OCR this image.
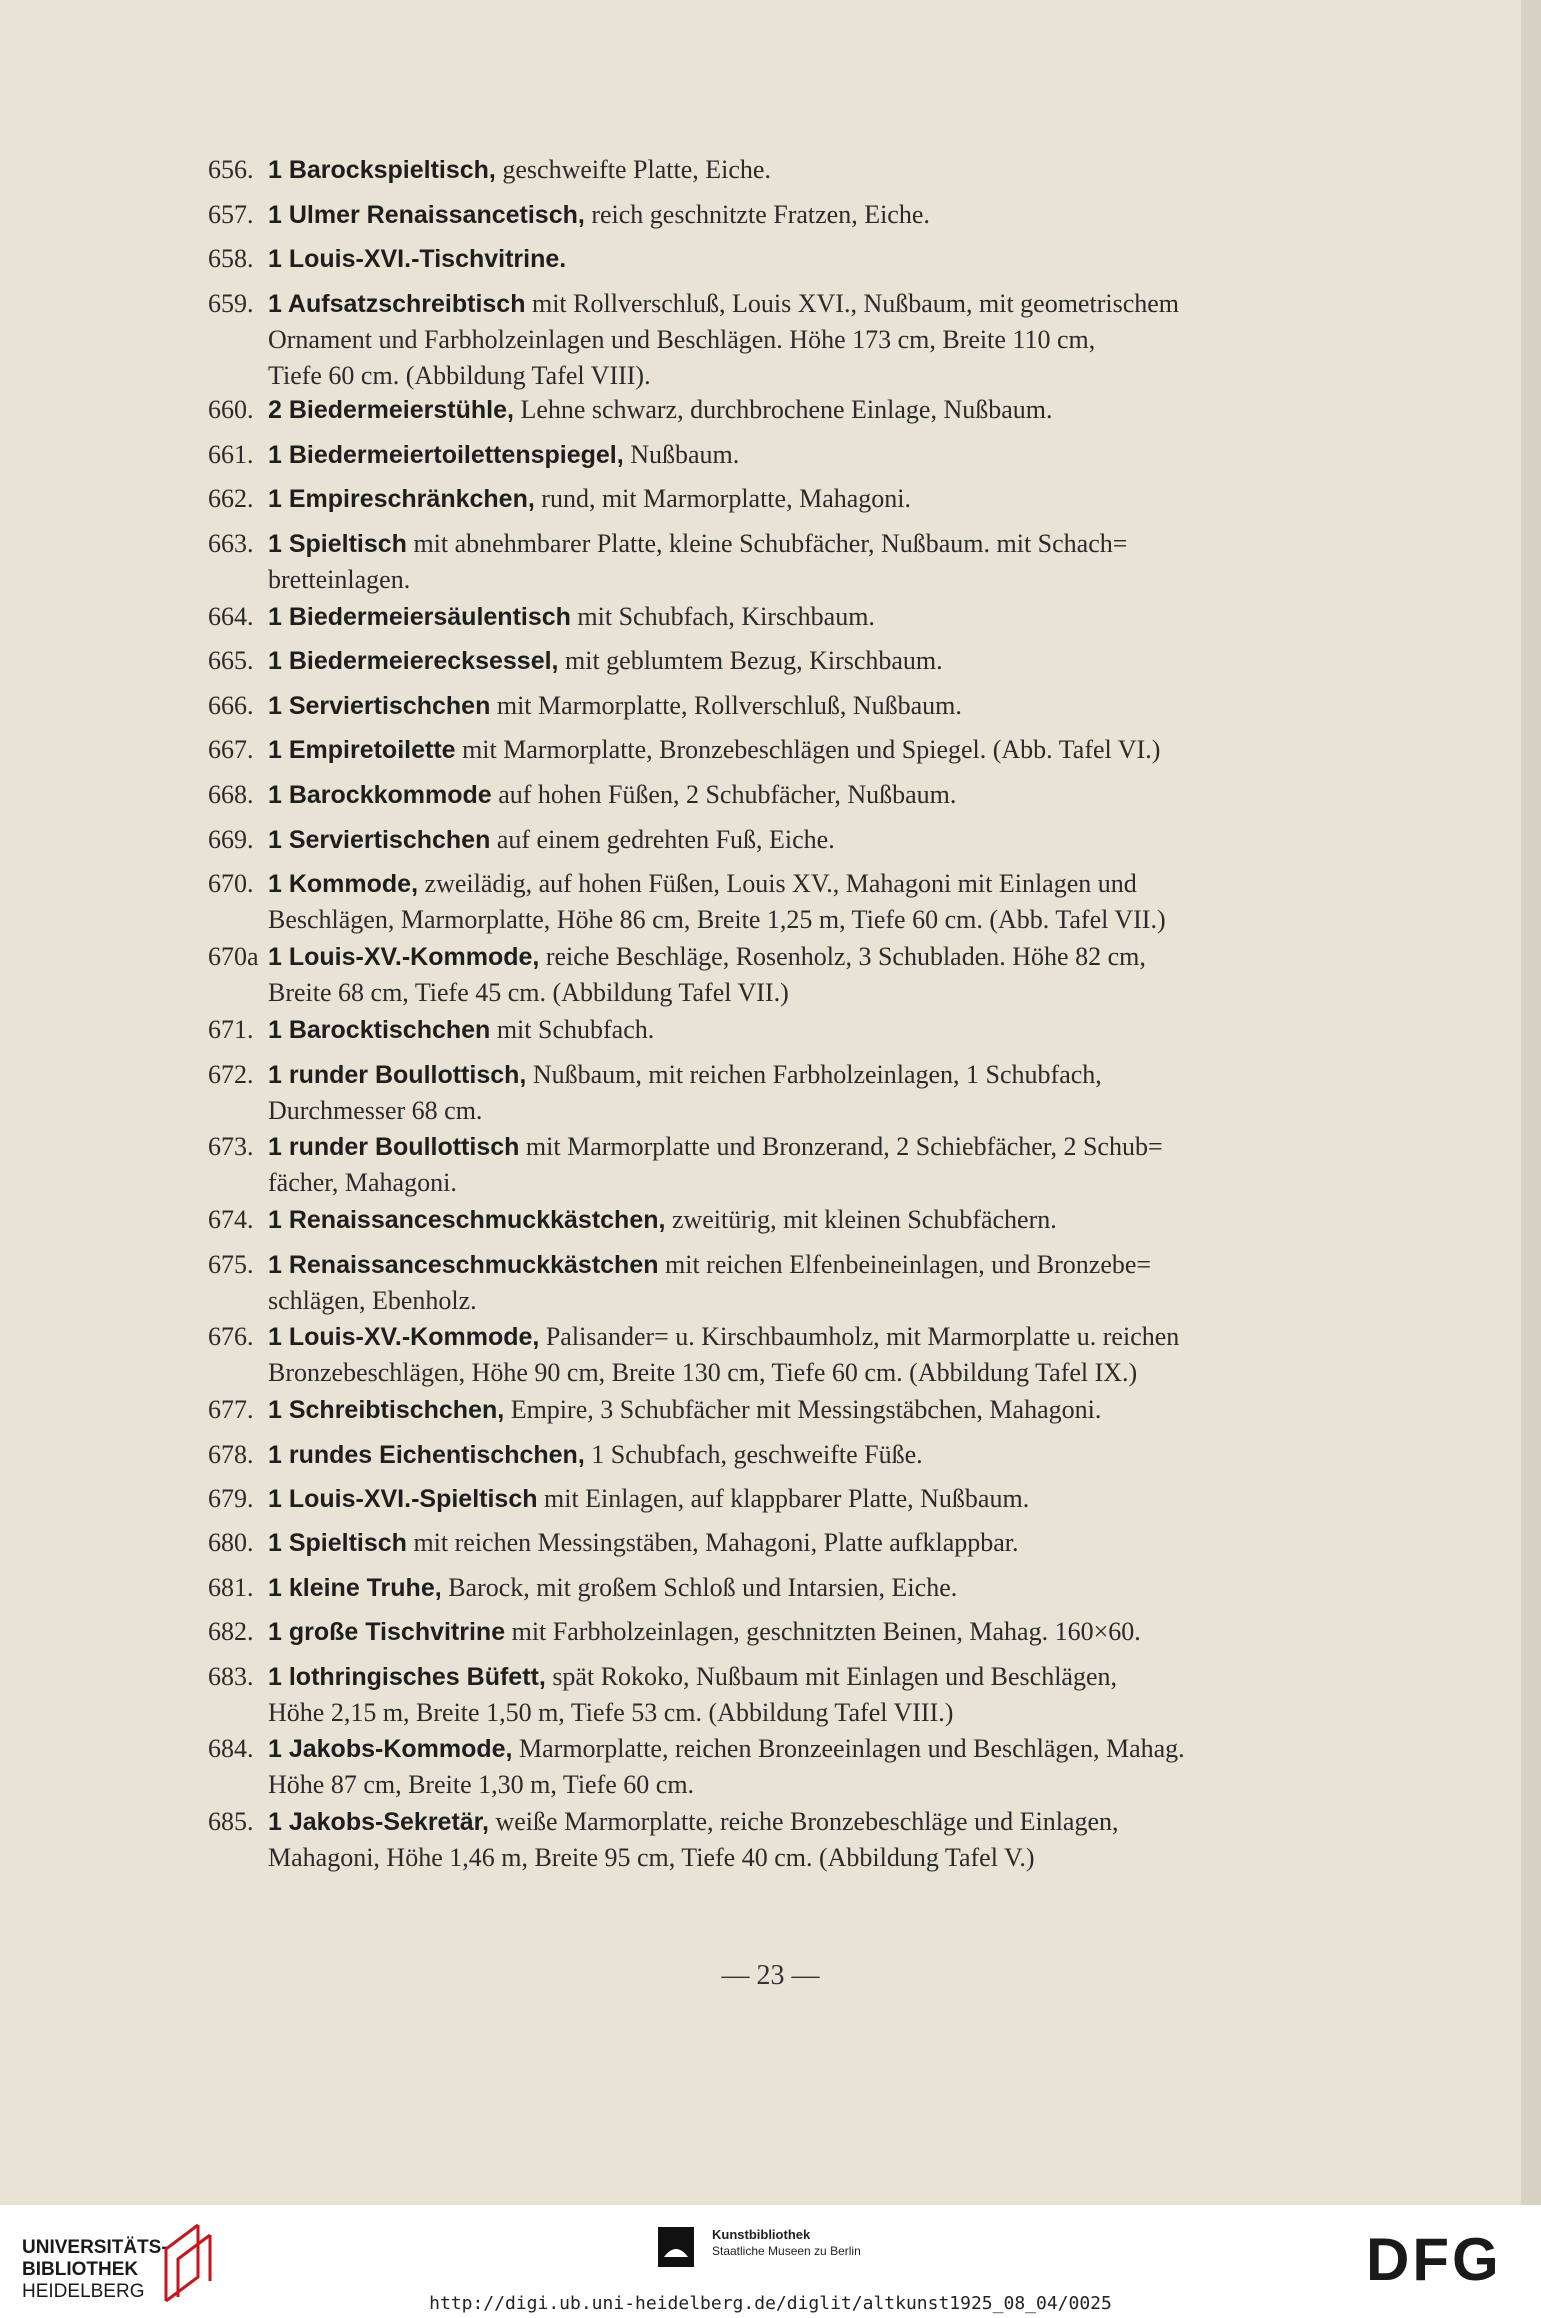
656. 1 Barockspieltisch, geschweifte Platte, Eiche.
657. 1 Ulmer Renaissancetisch, reich geschnitzte Fratzen, Eiche.
658. 1 Louis-XVI.-Tischvitrine.
659. 1 Aufsatzschreibtisch mit Rollverschluß, Louis XVI., Nußbaum, mit geometrischem
Ornament und Farbholzeinlagen und Beschlägen. Höhe 173 cm, Breite 110 cm,
Tiefe 60 cm. (Abbildung Tafel VIII).
660. 2 Biedermeierstühle, Lehne schwarz, durchbrochene Einlage, Nußbaum.
661. 1 Biedermeiertoilettenspiegel, Nußbaum.
662. 1 Empireschränkchen, rund, mit Marmorplatte, Mahagoni.
663. 1 Spieltisch mit abnehmbarer Platte, kleine Schubfächer, Nußbaum. mit Schach=
bretteinlagen.
664. 1 Biedermeiersäulentisch mit Schubfach, Kirschbaum.
665. 1 Biedermeierecksessel, mit geblumtem Bezug, Kirschbaum.
666. 1 Serviertischchen mit Marmorplatte, Rollverschluß, Nußbaum.
667. 1 Empiretoilette mit Marmorplatte, Bronzebeschlägen und Spiegel. (Abb. Tafel VI.)
668. 1 Barockkommode auf hohen Füßen, 2 Schubfächer, Nußbaum.
669. 1 Serviertischchen auf einem gedrehten Fuß, Eiche.
670. 1 Kommode, zweilädig, auf hohen Füßen, Louis XV., Mahagoni mit Einlagen und
Beschlägen, Marmorplatte, Höhe 86 cm, Breite 1,25 m, Tiefe 60 cm. (Abb. Tafel VII.)
670a 1 Louis-XV.-Kommode, reiche Beschläge, Rosenholz, 3 Schubladen. Höhe 82 cm,
Breite 68 cm, Tiefe 45 cm. (Abbildung Tafel VII.)
671. 1 Barocktischchen mit Schubfach.
672. 1 runder Boullottisch, Nußbaum, mit reichen Farbholzeinlagen, 1 Schubfach,
Durchmesser 68 cm.
673. 1 runder Boullottisch mit Marmorplatte und Bronzerand, 2 Schiebfächer, 2 Schub=
fächer, Mahagoni.
674. 1 Renaissanceschmuckkästchen, zweitürig, mit kleinen Schubfächern.
675. 1 Renaissanceschmuckkästchen mit reichen Elfenbeineinlagen, und Bronzebe=
schlägen, Ebenholz.
676. 1 Louis-XV.-Kommode, Palisander= u. Kirschbaumholz, mit Marmorplatte u. reichen
Bronzebeschlägen, Höhe 90 cm, Breite 130 cm, Tiefe 60 cm. (Abbildung Tafel IX.)
677. 1 Schreibtischchen, Empire, 3 Schubfächer mit Messingstäbchen, Mahagoni.
678. 1 rundes Eichentischchen, 1 Schubfach, geschweifte Füße.
679. 1 Louis-XVI.-Spieltisch mit Einlagen, auf klappbarer Platte, Nußbaum.
680. 1 Spieltisch mit reichen Messingstäben, Mahagoni, Platte aufklappbar.
681. 1 kleine Truhe, Barock, mit großem Schloß und Intarsien, Eiche.
682. 1 große Tischvitrine mit Farbholzeinlagen, geschnitzten Beinen, Mahag. 160×60.
683. 1 lothringisches Büfett, spät Rokoko, Nußbaum mit Einlagen und Beschlägen,
Höhe 2,15 m, Breite 1,50 m, Tiefe 53 cm. (Abbildung Tafel VIII.)
684. 1 Jakobs-Kommode, Marmorplatte, reichen Bronzeeinlagen und Beschlägen, Mahag.
Höhe 87 cm, Breite 1,30 m, Tiefe 60 cm.
685. 1 Jakobs-Sekretär, weiße Marmorplatte, reiche Bronzebeschläge und Einlagen,
Mahagoni, Höhe 1,46 m, Breite 95 cm, Tiefe 40 cm. (Abbildung Tafel V.)
— 23 —
UNIVERSITÄTS-
BIBLIOTHEK
HEIDELBERG
Kunstbibliothek
Staatliche Museen zu Berlin	DFG
http://digi.ub.uni-heidelberg.de/diglit/altkunst1925_08_04/0025
